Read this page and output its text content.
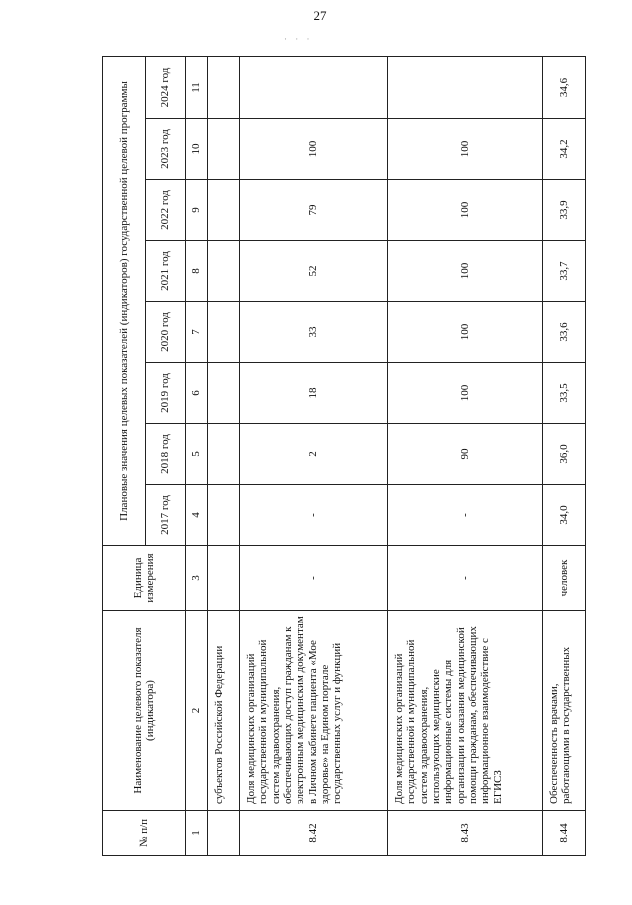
27
· · ·
№ п/п	Наименование целевого показателя (индикатора)	Единица измерения	Плановые значения целевых показателей (индикаторов) государственной целевой программы							
			2017 год	2018 год	2019 год	2020 год	2021 год	2022 год	2023 год	2024 год
1	2	3	4	5	6	7	8	9	10	11
	субъектов Российской Федерации									
8.42	Доля медицинских организаций государственной и муниципальной систем здравоохранения, обеспечивающих доступ гражданам к электронным медицинским документам в Личном кабинете пациента «Мое здоровье» на Едином портале государственных услуг и функций	-	-	2	18	33	52	79	100	
8.43	Доля медицинских организаций государственной и муниципальной систем здравоохранения, использующих медицинские информационные системы для организации и оказания медицинской помощи гражданам, обеспечивающих информационное взаимодействие с ЕГИСЗ	-	-	90	100	100	100	100	100	
8.44	Обеспеченность врачами, работающими в государственных	человек	34,0	36,0	33,5	33,6	33,7	33,9	34,2	34,6
